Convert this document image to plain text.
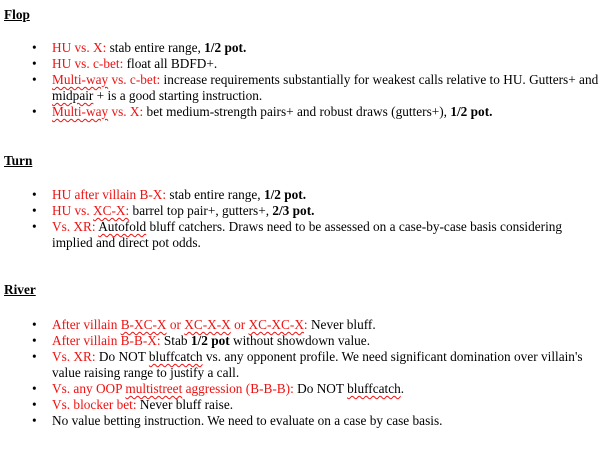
Flop
• HU vs. X: stab entire range, 1/2 pot.
• HU vs. c-bet: float all BDFD+.
• Multi-way vs. c-bet: increase requirements substantially for weakest calls relative to HU. Gutters+ and midpair + is a good starting instruction.
• Multi-way vs. X: bet medium-strength pairs+ and robust draws (gutters+), 1/2 pot.
Turn
• HU after villain B-X: stab entire range, 1/2 pot.
• HU vs. XC-X: barrel top pair+, gutters+, 2/3 pot.
• Vs. XR: Autofold bluff catchers. Draws need to be assessed on a case-by-case basis considering implied and direct pot odds.
River
• After villain B-XC-X or XC-X-X or XC-XC-X: Never bluff.
• After villain B-B-X: Stab 1/2 pot without showdown value.
• Vs. XR: Do NOT bluffcatch vs. any opponent profile. We need significant domination over villain's value raising range to justify a call.
• Vs. any OOP multistreet aggression (B-B-B): Do NOT bluffcatch.
• Vs. blocker bet: Never bluff raise.
• No value betting instruction. We need to evaluate on a case by case basis.
